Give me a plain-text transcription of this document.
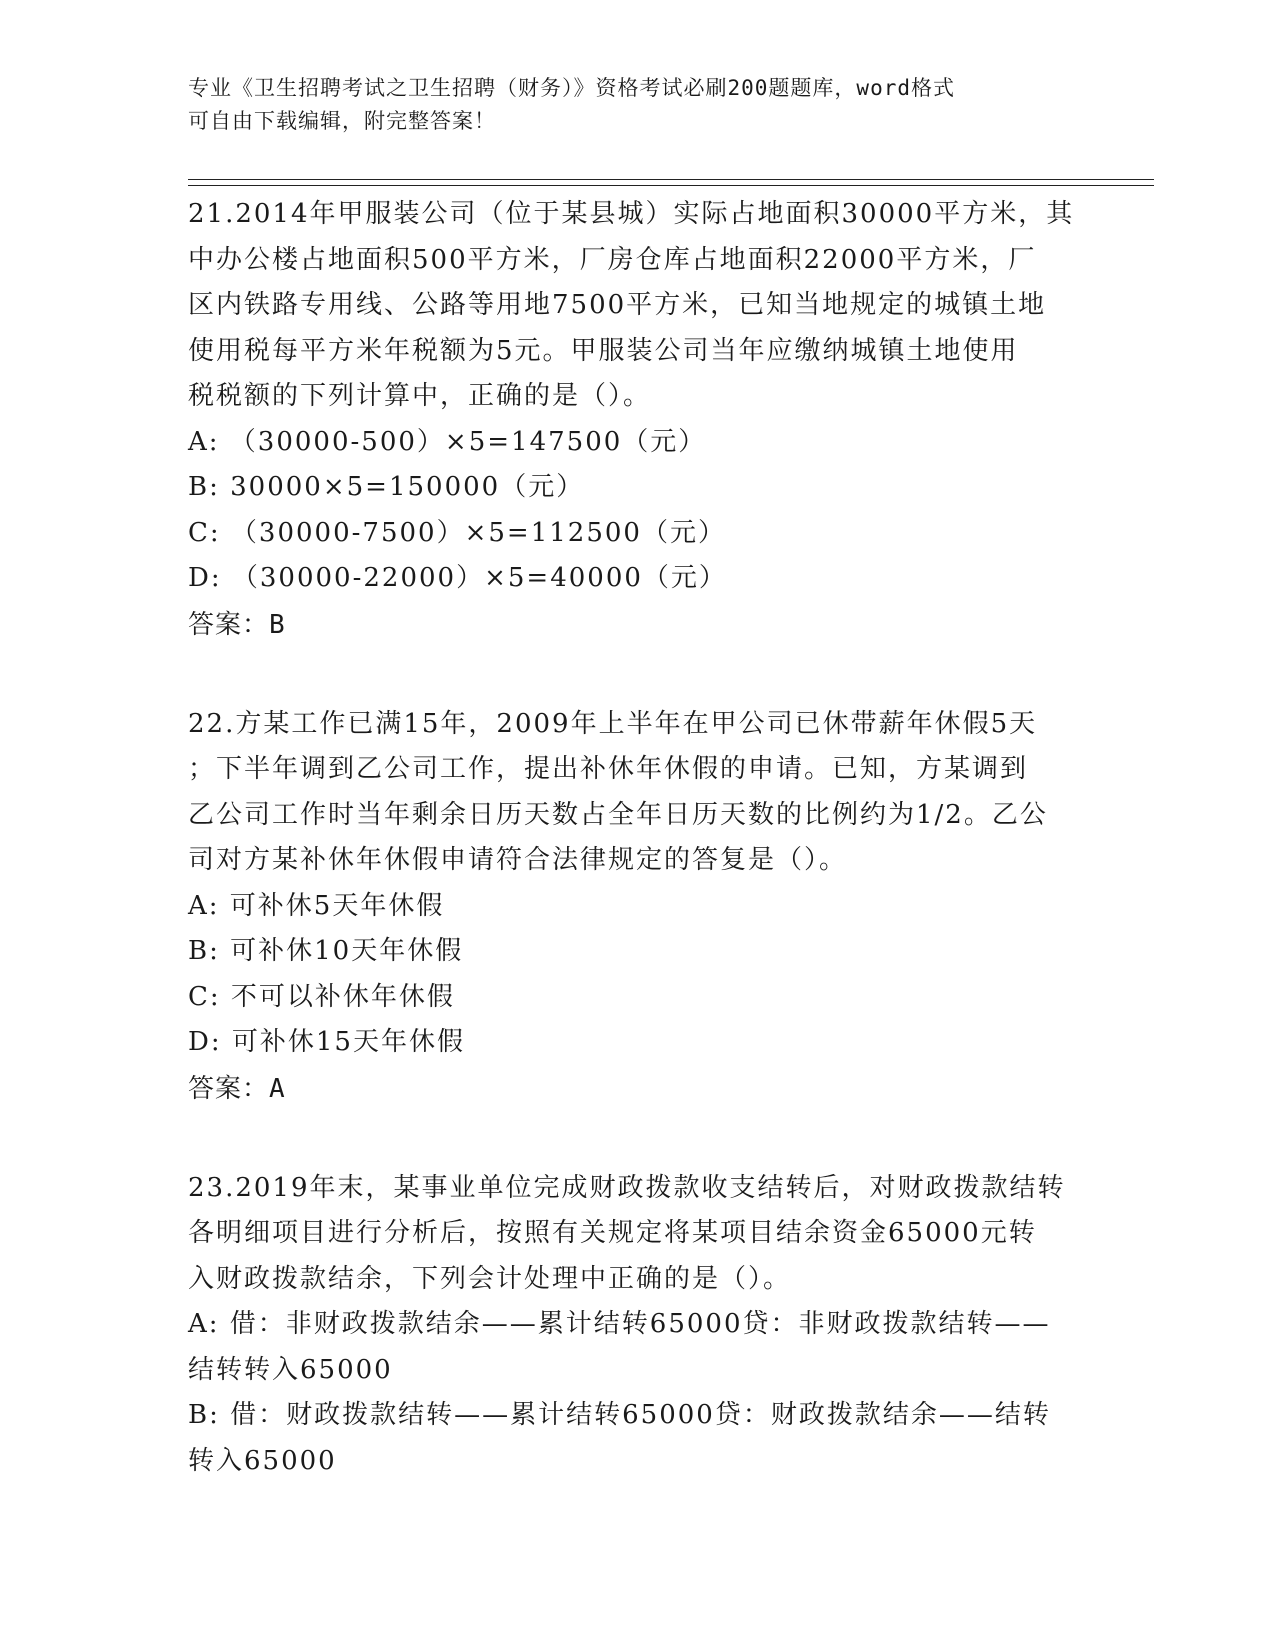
专业《卫生招聘考试之卫生招聘（财务）》资格考试必刷200题题库，word格式
可自由下载编辑，附完整答案！
21.2014年甲服装公司（位于某县城）实际占地面积30000平方米，其
中办公楼占地面积500平方米，厂房仓库占地面积22000平方米，厂
区内铁路专用线、公路等用地7500平方米，已知当地规定的城镇土地
使用税每平方米年税额为5元。甲服装公司当年应缴纳城镇土地使用
税税额的下列计算中，正确的是（）。
A: （30000-500）×5=147500（元）
B: 30000×5=150000（元）
C: （30000-7500）×5=112500（元）
D: （30000-22000）×5=40000（元）
答案：B
22.方某工作已满15年，2009年上半年在甲公司已休带薪年休假5天
；下半年调到乙公司工作，提出补休年休假的申请。已知，方某调到
乙公司工作时当年剩余日历天数占全年日历天数的比例约为1/2。乙公
司对方某补休年休假申请符合法律规定的答复是（）。
A: 可补休5天年休假
B: 可补休10天年休假
C: 不可以补休年休假
D: 可补休15天年休假
答案：A
23.2019年末，某事业单位完成财政拨款收支结转后，对财政拨款结转
各明细项目进行分析后，按照有关规定将某项目结余资金65000元转
入财政拨款结余，下列会计处理中正确的是（）。
A: 借：非财政拨款结余——累计结转65000贷：非财政拨款结转——
结转转入65000
B: 借：财政拨款结转——累计结转65000贷：财政拨款结余——结转
转入65000
